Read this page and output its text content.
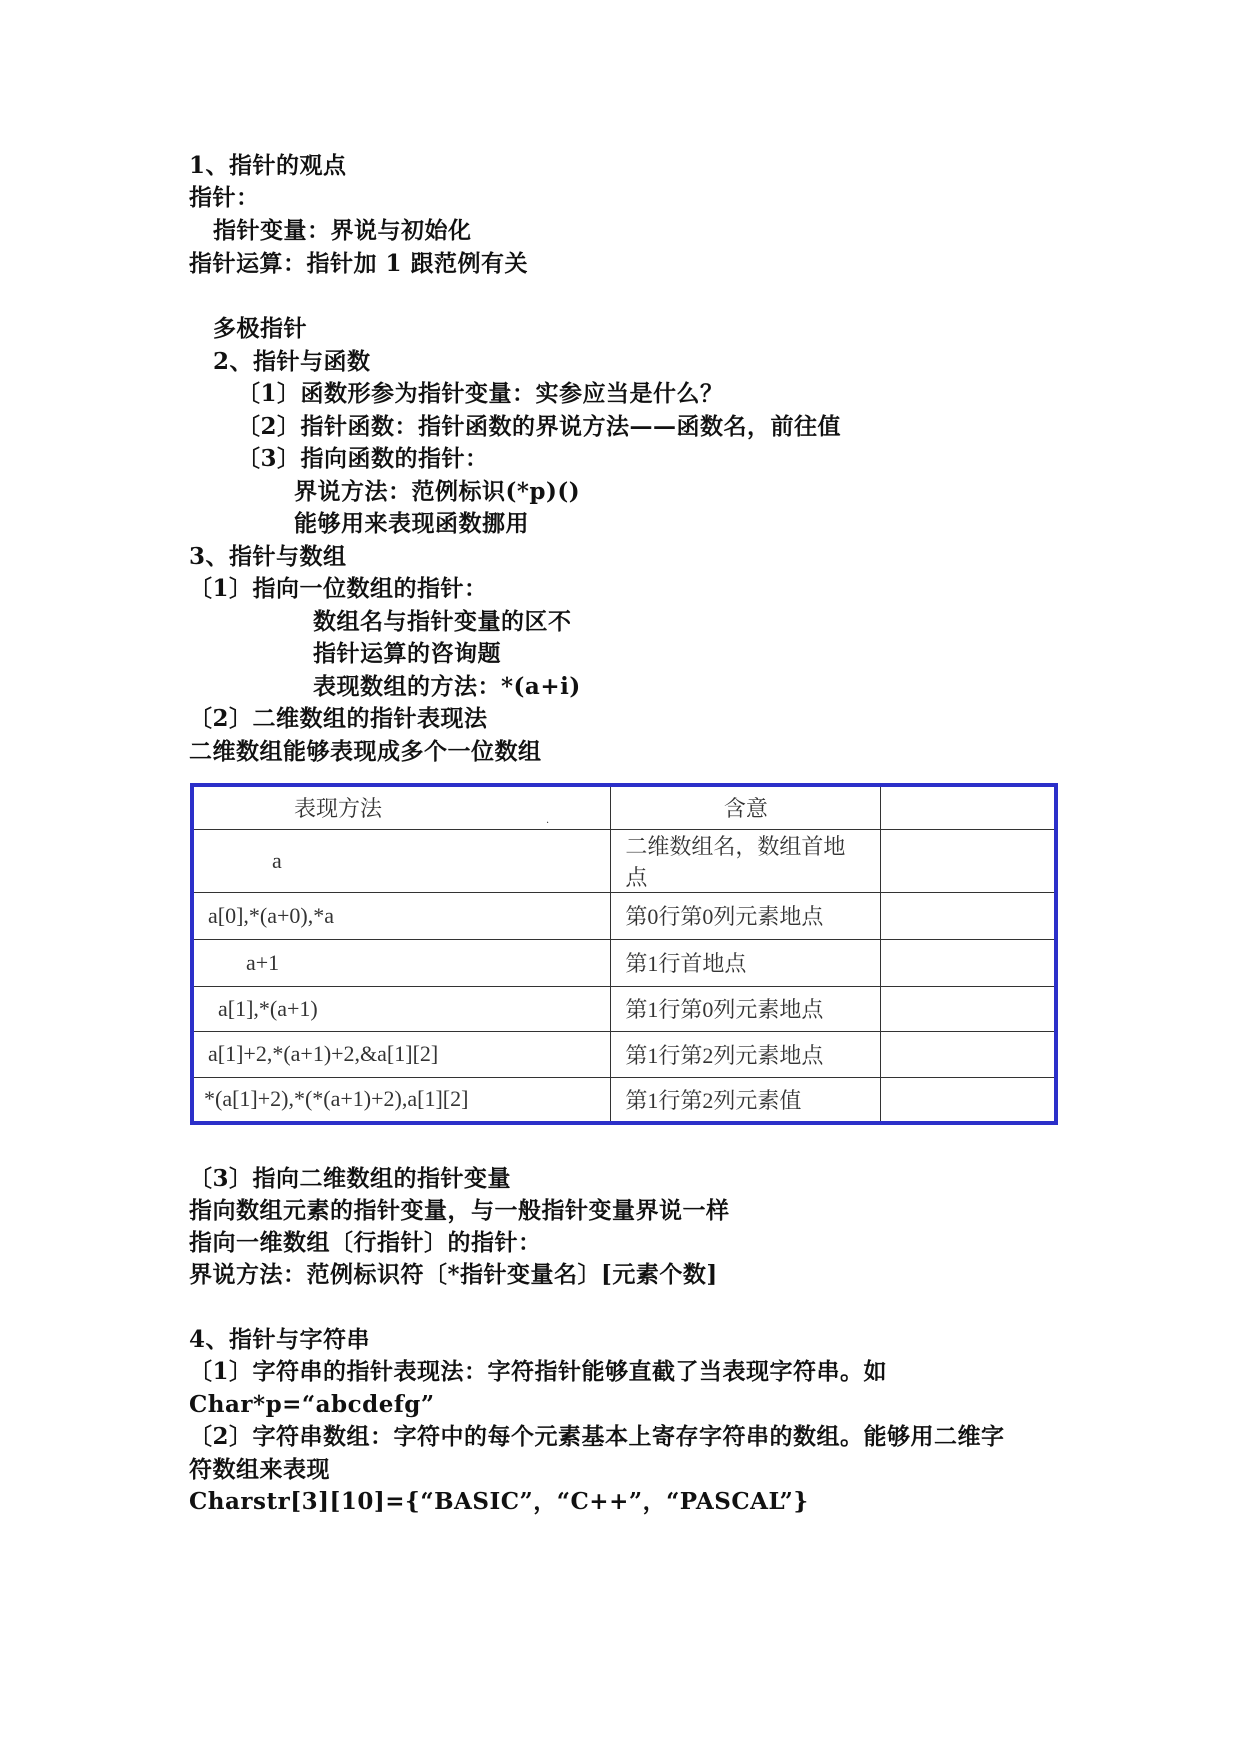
1、指针的观点
指针：
指针变量：界说与初始化
指针运算：指针加 1 跟范例有关
多极指针
2、指针与函数
〔1〕函数形参为指针变量：实参应当是什么？
〔2〕指针函数：指针函数的界说方法——函数名，前往值
〔3〕指向函数的指针：
界说方法：范例标识(*p)()
能够用来表现函数挪用
3、指针与数组
〔1〕指向一位数组的指针：
数组名与指针变量的区不
指针运算的咨询题
表现数组的方法：*(a+i)
〔2〕二维数组的指针表现法
二维数组能够表现成多个一位数组
表现方法	含意	
a	二维数组名，数组首地点	
a[0],*(a+0),*a	第0行第0列元素地点	
a+1	第1行首地点	
a[1],*(a+1)	第1行第0列元素地点	
a[1]+2,*(a+1)+2,&a[1][2]	第1行第2列元素地点	
*(a[1]+2),*(*(a+1)+2),a[1][2]	第1行第2列元素值	
.
〔3〕指向二维数组的指针变量
指向数组元素的指针变量，与一般指针变量界说一样
指向一维数组〔行指针〕的指针：
界说方法：范例标识符〔*指针变量名〕[元素个数]
4、指针与字符串
〔1〕字符串的指针表现法：字符指针能够直截了当表现字符串。如
Char*p=“abcdefg”
〔2〕字符串数组：字符中的每个元素基本上寄存字符串的数组。能够用二维字
符数组来表现
Charstr[3][10]={“BASIC”，“C++”，“PASCAL”}
